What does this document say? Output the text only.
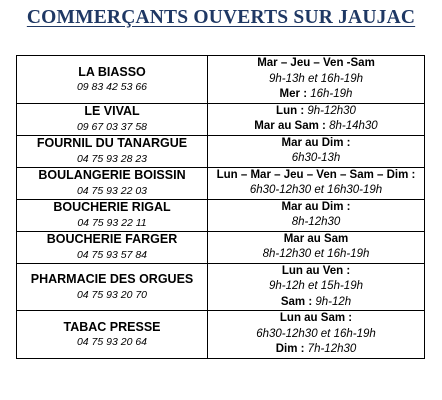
COMMERÇANTS OUVERTS SUR JAUJAC
LA BIASSO
09 83 42 53 66	Mar – Jeu – Ven -Sam
9h-13h et 16h-19h
Mer : 16h-19h

LE VIVAL
09 67 03 37 58	Lun : 9h-12h30
Mar au Sam : 8h-14h30

FOURNIL DU TANARGUE
04 75 93 28 23	Mar au Dim :
6h30-13h

BOULANGERIE BOISSIN
04 75 93 22 03	Lun – Mar – Jeu – Ven – Sam – Dim :
6h30-12h30 et 16h30-19h

BOUCHERIE RIGAL
04 75 93 22 11	Mar au Dim :
8h-12h30

BOUCHERIE FARGER
04 75 93 57 84	Mar au Sam
8h-12h30 et 16h-19h

PHARMACIE DES ORGUES
04 75 93 20 70	Lun au Ven :
9h-12h et 15h-19h
Sam : 9h-12h

TABAC PRESSE
04 75 93 20 64	Lun au Sam :
6h30-12h30 et 16h-19h
Dim : 7h-12h30
